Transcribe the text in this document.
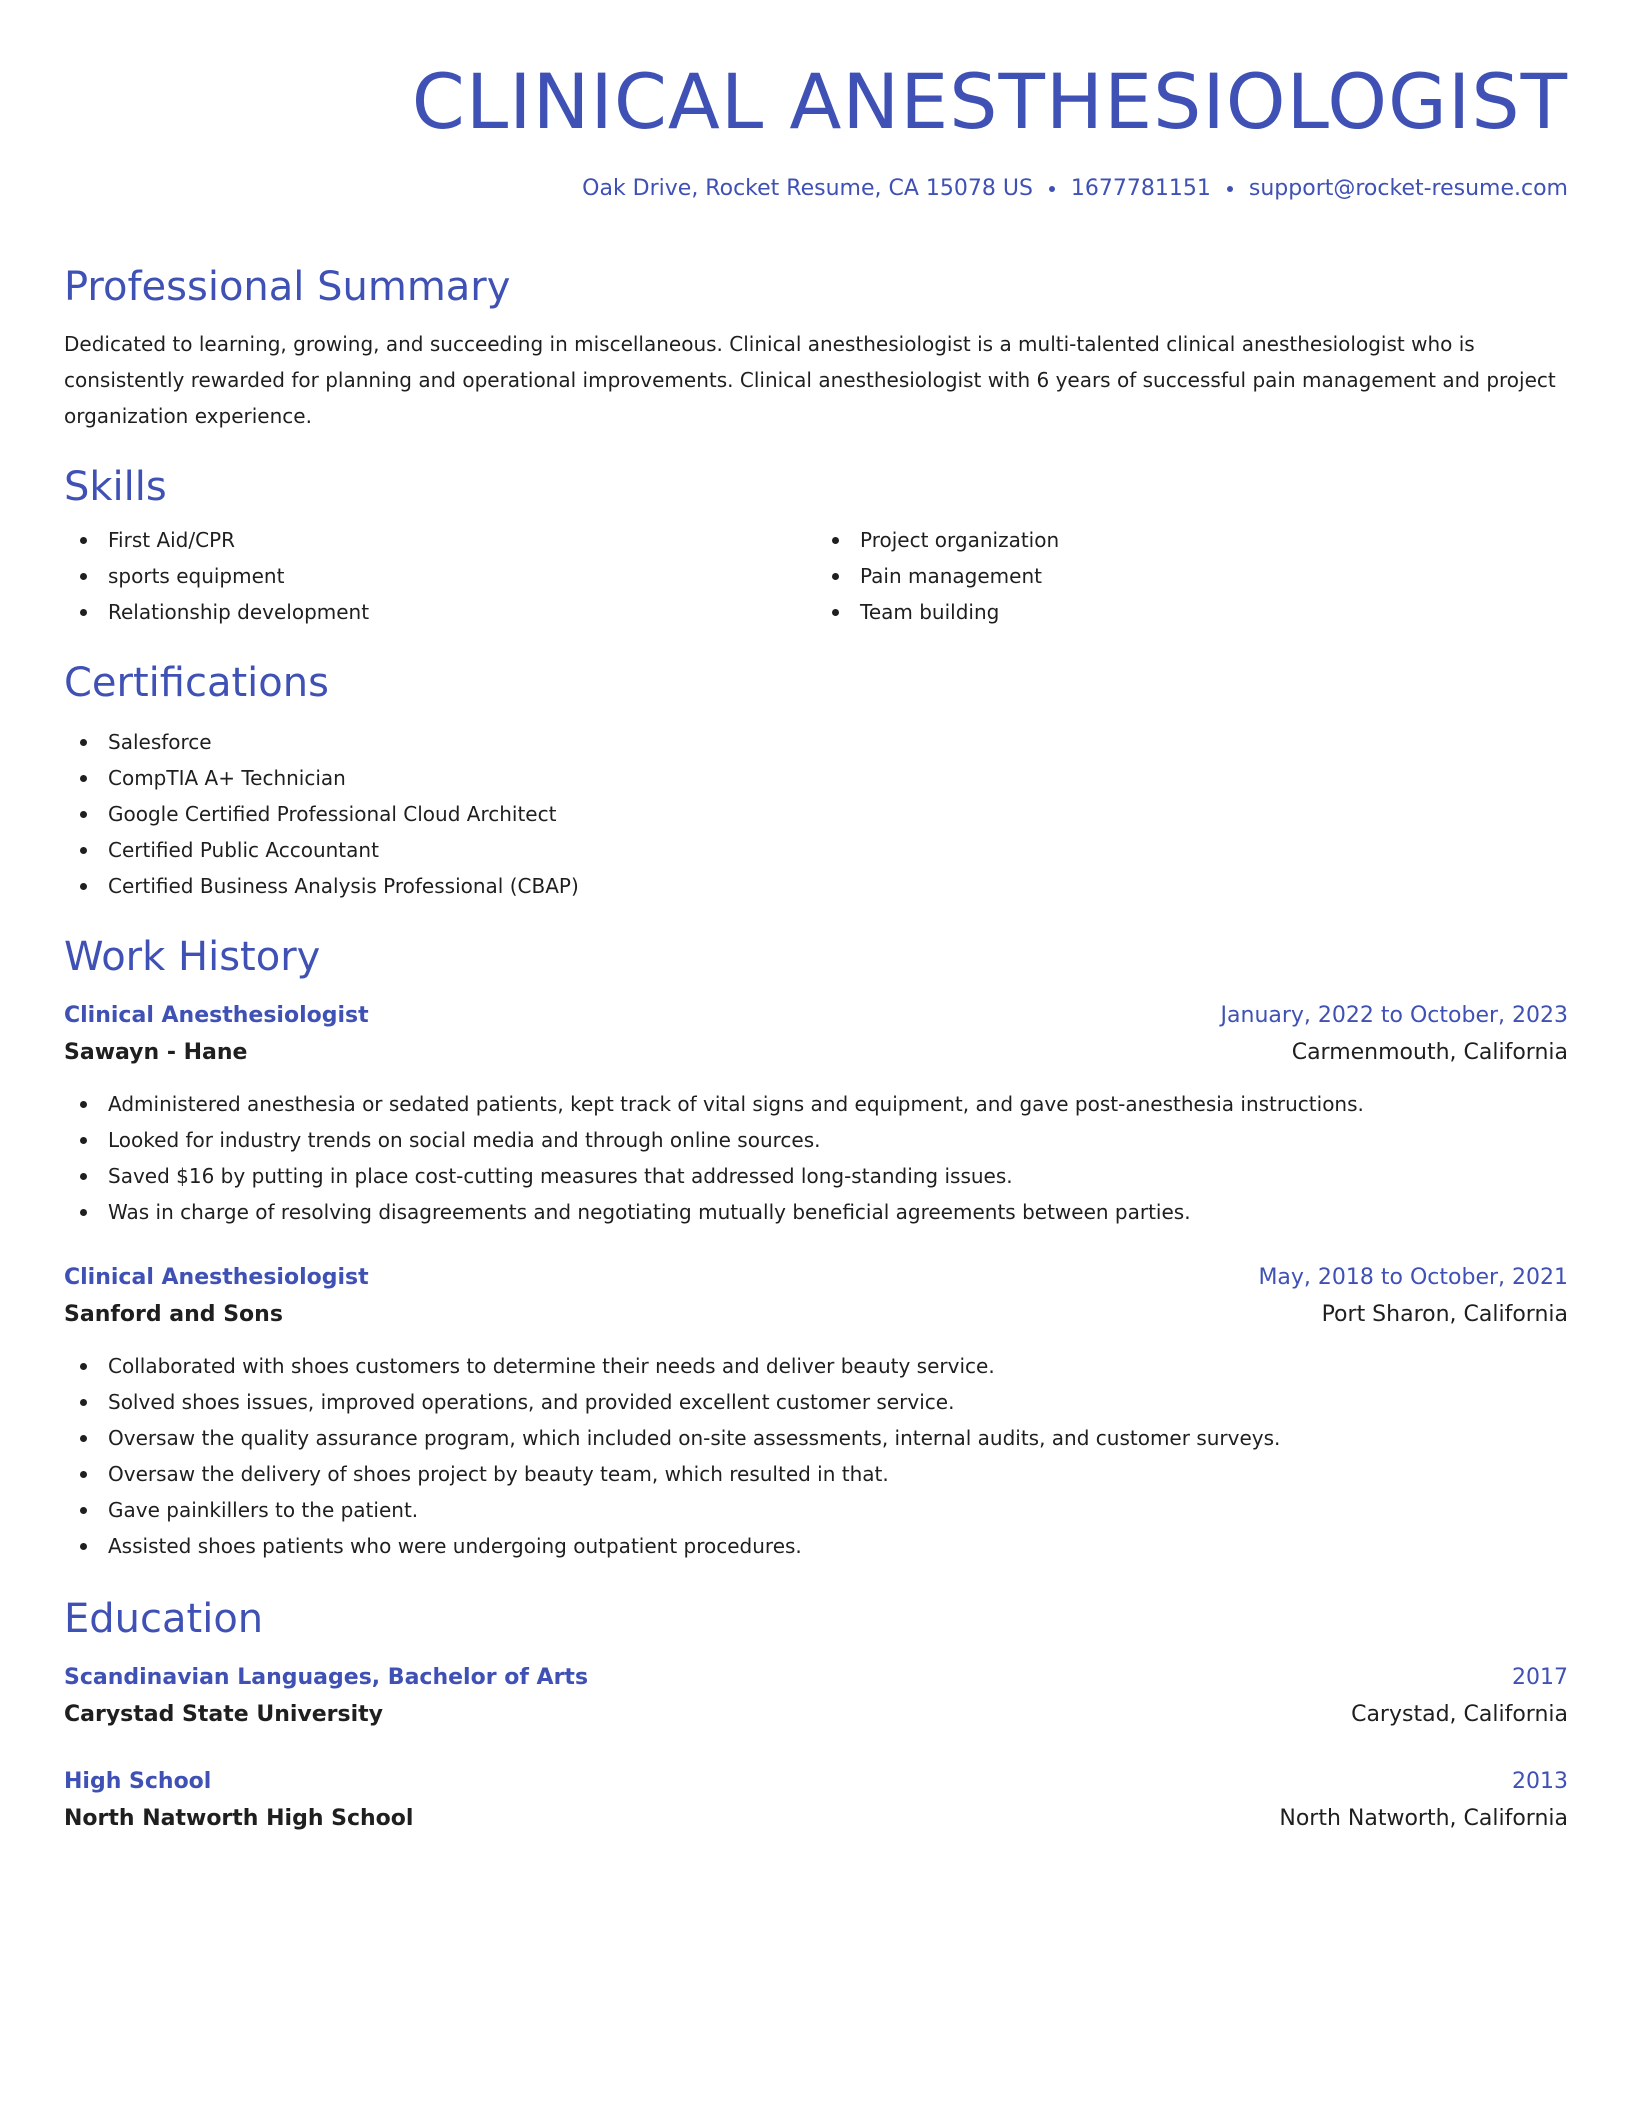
CLINICAL ANESTHESIOLOGIST
Oak Drive, Rocket Resume, CA 15078 US 1677781151 support@rocket-resume.com
Professional Summary

Dedicated to learning, growing, and succeeding in miscellaneous. Clinical anesthesiologist is a multi-talented clinical anesthesiologist who is consistently rewarded for planning and operational improvements. Clinical anesthesiologist with 6 years of successful pain management and project organization experience.

Skills
First Aid/CPR
sports equipment
Relationship development
Project organization
Pain management
Team building
Certifications
Salesforce
CompTIA A+ Technician
Google Certified Professional Cloud Architect
Certified Public Accountant
Certified Business Analysis Professional (CBAP)
Work History
Clinical Anesthesiologist	January, 2022 to October, 2023
Sawayn - Hane	Carmenmouth, California
Administered anesthesia or sedated patients, kept track of vital signs and equipment, and gave post-anesthesia instructions.
Looked for industry trends on social media and through online sources.
Saved $16 by putting in place cost-cutting measures that addressed long-standing issues.
Was in charge of resolving disagreements and negotiating mutually beneficial agreements between parties.
Clinical Anesthesiologist	May, 2018 to October, 2021
Sanford and Sons	Port Sharon, California
Collaborated with shoes customers to determine their needs and deliver beauty service.
Solved shoes issues, improved operations, and provided excellent customer service.
Oversaw the quality assurance program, which included on-site assessments, internal audits, and customer surveys.
Oversaw the delivery of shoes project by beauty team, which resulted in that.
Gave painkillers to the patient.
Assisted shoes patients who were undergoing outpatient procedures.
Education
Scandinavian Languages, Bachelor of Arts	2017
Carystad State University	Carystad, California
High School	2013
North Natworth High School	North Natworth, California
